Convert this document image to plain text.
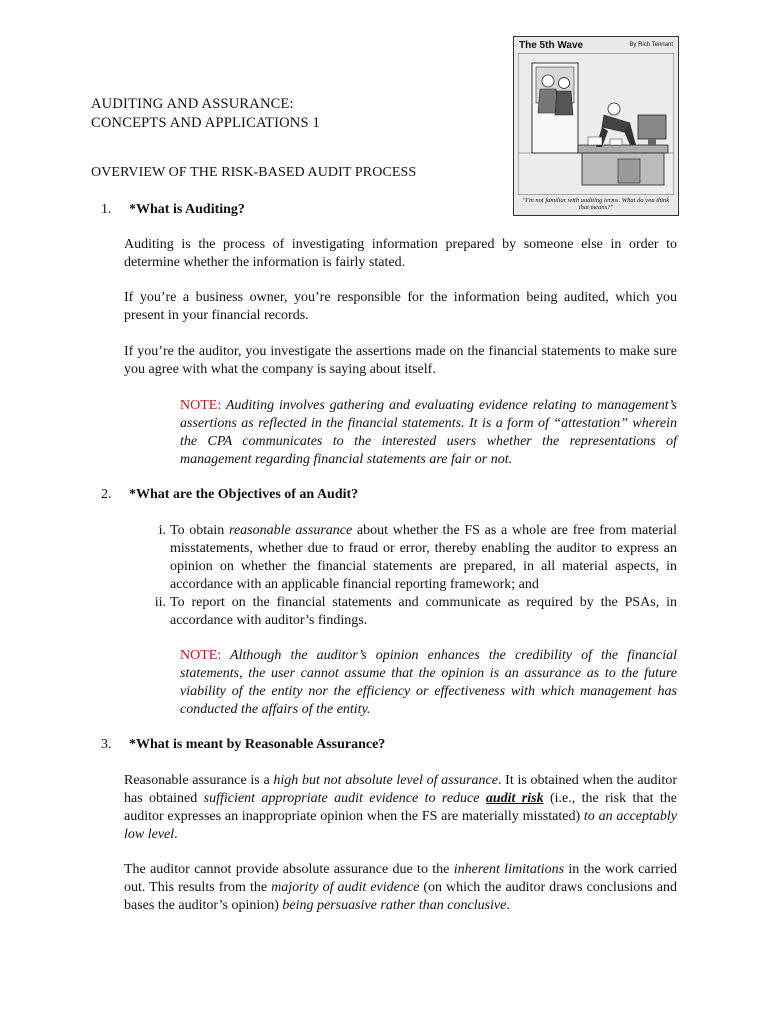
AUDITING AND ASSURANCE:
CONCEPTS AND APPLICATIONS 1
OVERVIEW OF THE RISK-BASED AUDIT PROCESS
The 5th Wave	By Rich Tennant
"I'm not familiar with auditing terms. What do you think that means?"
1. *What is Auditing?
Auditing is the process of investigating information prepared by someone else in order to determine whether the information is fairly stated.
If you’re a business owner, you’re responsible for the information being audited, which you present in your financial records.
If you’re the auditor, you investigate the assertions made on the financial statements to make sure you agree with what the company is saying about itself.
NOTE: Auditing involves gathering and evaluating evidence relating to management’s assertions as reflected in the financial statements. It is a form of “attestation” wherein the CPA communicates to the interested users whether the representations of management regarding financial statements are fair or not.
2. *What are the Objectives of an Audit?
i. To obtain reasonable assurance about whether the FS as a whole are free from material misstatements, whether due to fraud or error, thereby enabling the auditor to express an opinion on whether the financial statements are prepared, in all material aspects, in accordance with an applicable financial reporting framework; and
ii. To report on the financial statements and communicate as required by the PSAs, in accordance with auditor’s findings.
NOTE: Although the auditor’s opinion enhances the credibility of the financial statements, the user cannot assume that the opinion is an assurance as to the future viability of the entity nor the efficiency or effectiveness with which management has conducted the affairs of the entity.
3. *What is meant by Reasonable Assurance?
Reasonable assurance is a high but not absolute level of assurance. It is obtained when the auditor has obtained sufficient appropriate audit evidence to reduce audit risk (i.e., the risk that the auditor expresses an inappropriate opinion when the FS are materially misstated) to an acceptably low level.
The auditor cannot provide absolute assurance due to the inherent limitations in the work carried out. This results from the majority of audit evidence (on which the auditor draws conclusions and bases the auditor’s opinion) being persuasive rather than conclusive.
